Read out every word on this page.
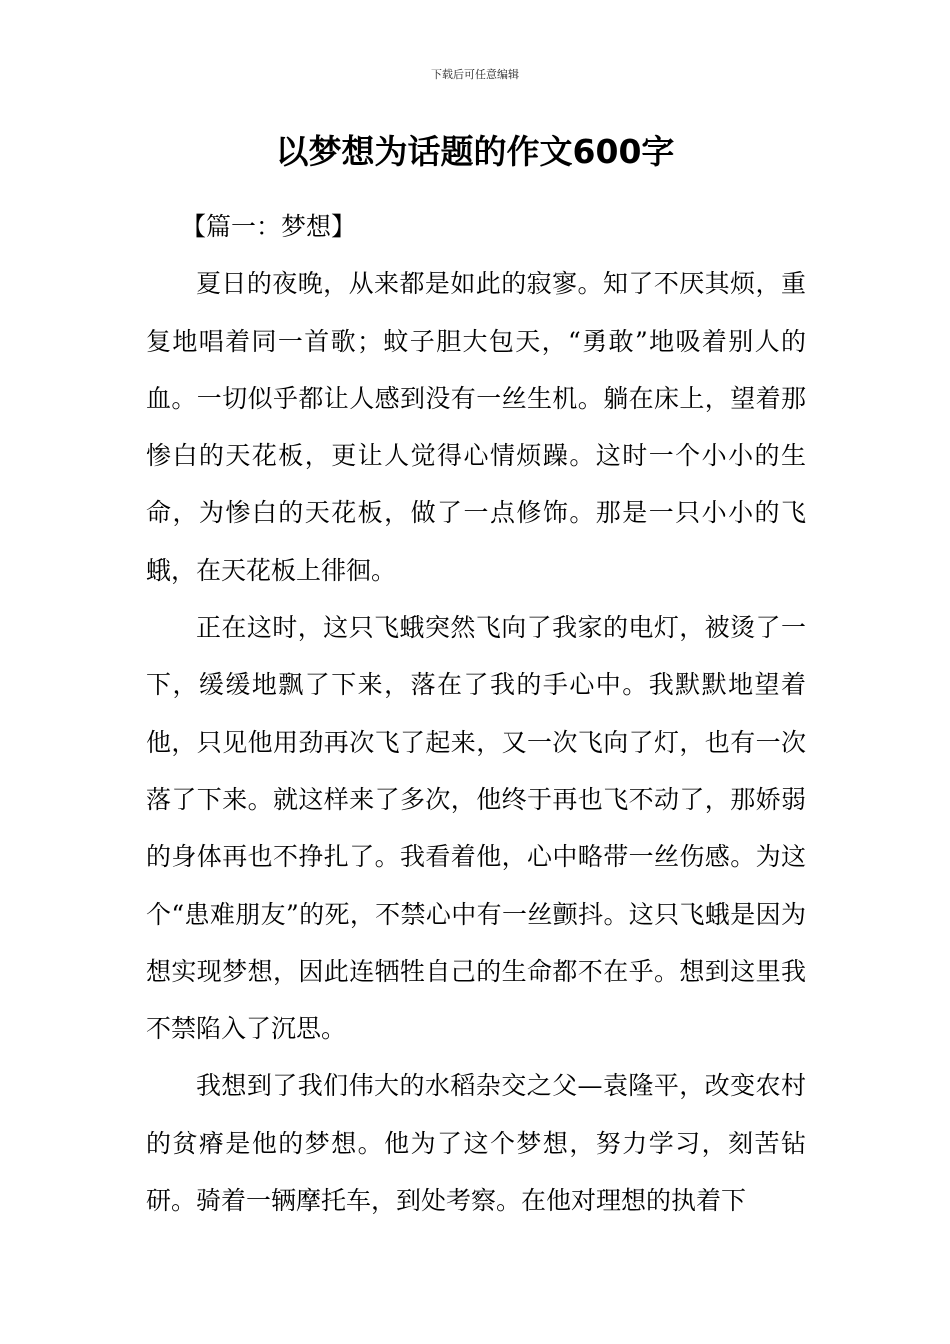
下载后可任意编辑
以梦想为话题的作文600字
【篇一：梦想】

夏日的夜晚，从来都是如此的寂寥。知了不厌其烦，重复地唱着同一首歌；蚊子胆大包天，“勇敢”地吸着别人的血。一切似乎都让人感到没有一丝生机。躺在床上，望着那惨白的天花板，更让人觉得心情烦躁。这时一个小小的生命，为惨白的天花板，做了一点修饰。那是一只小小的飞蛾，在天花板上徘徊。

正在这时，这只飞蛾突然飞向了我家的电灯，被烫了一下，缓缓地飘了下来，落在了我的手心中。我默默地望着他，只见他用劲再次飞了起来，又一次飞向了灯，也有一次落了下来。就这样来了多次，他终于再也飞不动了，那娇弱的身体再也不挣扎了。我看着他，心中略带一丝伤感。为这个“患难朋友”的死，不禁心中有一丝颤抖。这只飞蛾是因为想实现梦想，因此连牺牲自己的生命都不在乎。想到这里我不禁陷入了沉思。

我想到了我们伟大的水稻杂交之父—袁隆平，改变农村的贫瘠是他的梦想。他为了这个梦想，努力学习，刻苦钻研。骑着一辆摩托车，到处考察。在他对理想的执着下
